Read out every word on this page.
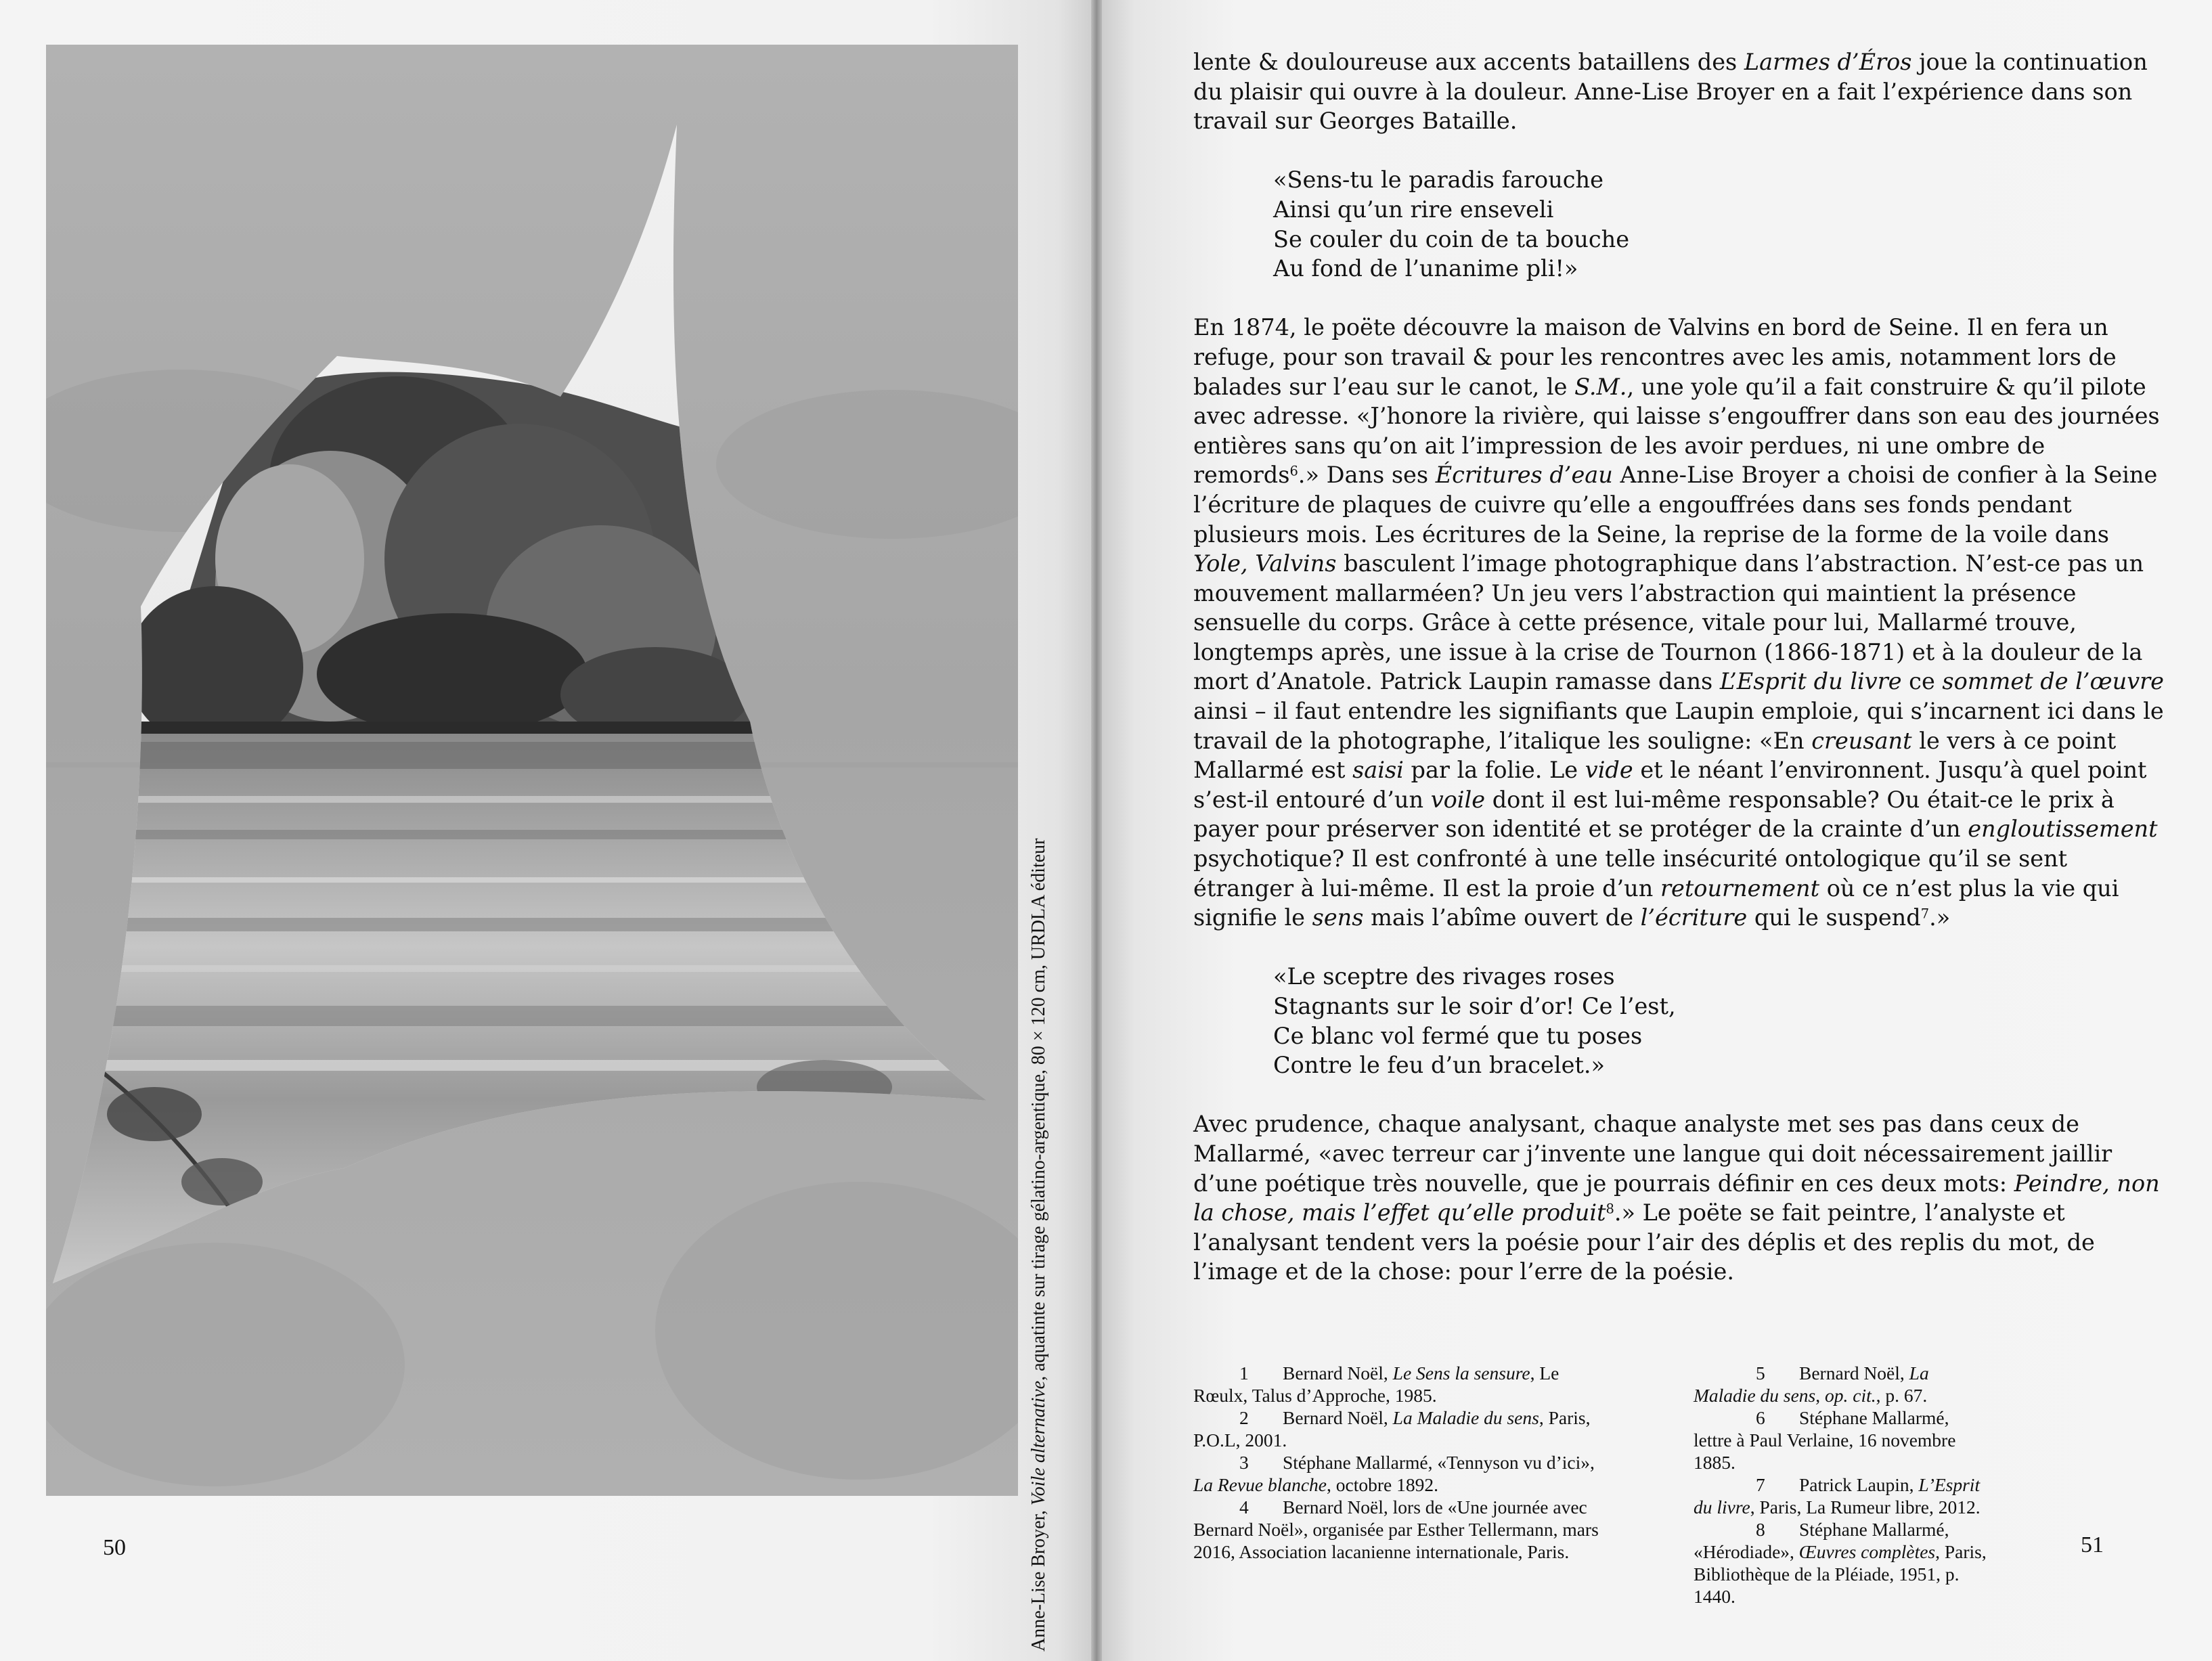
Anne-Lise Broyer, Voile alternative, aquatinte sur tirage gélatino-argentique, 80 × 120 cm, URDLA éditeur
50	51

lente & douloureuse aux accents bataillens des Larmes d’Éros joue la continuation du plaisir qui ouvre à la douleur. Anne-Lise Broyer en a fait l’expérience dans son travail sur Georges Bataille.

«Sens-tu le paradis farouche
Ainsi qu’un rire enseveli
Se couler du coin de ta bouche
Au fond de l’unanime pli!»

En 1874, le poëte découvre la maison de Valvins en bord de Seine. Il en fera un refuge, pour son travail & pour les rencontres avec les amis, notamment lors de balades sur l’eau sur le canot, le S.M., une yole qu’il a fait construire & qu’il pilote avec adresse. «J’honore la rivière, qui laisse s’engouffrer dans son eau des journées entières sans qu’on ait l’impression de les avoir perdues, ni une ombre de remords$^6$.» Dans ses Écritures d’eau Anne-Lise Broyer a choisi de confier à la Seine l’écriture de plaques de cuivre qu’elle a engouffrées dans ses fonds pendant plusieurs mois. Les écritures de la Seine, la reprise de la forme de la voile dans Yole, Valvins basculent l’image photographique dans l’abstraction. N’est-ce pas un mouvement mallarméen? Un jeu vers l’abstraction qui maintient la présence sensuelle du corps. Grâce à cette présence, vitale pour lui, Mallarmé trouve, longtemps après, une issue à la crise de Tournon (1866-1871) et à la douleur de la mort d’Anatole. Patrick Laupin ramasse dans L’Esprit du livre ce sommet de l’œuvre ainsi – il faut entendre les signifiants que Laupin emploie, qui s’incarnent ici dans le travail de la photographe, l’italique les souligne: «En creusant le vers à ce point Mallarmé est saisi par la folie. Le vide et le néant l’environnent. Jusqu’à quel point s’est-il entouré d’un voile dont il est lui-même responsable? Ou était-ce le prix à payer pour préserver son identité et se protéger de la crainte d’un engloutissement psychotique? Il est confronté à une telle insécurité ontologique qu’il se sent étranger à lui-même. Il est la proie d’un retournement où ce n’est plus la vie qui signifie le sens mais l’abîme ouvert de l’écriture qui le suspend$^7$.»

«Le sceptre des rivages roses
Stagnants sur le soir d’or! Ce l’est,
Ce blanc vol fermé que tu poses
Contre le feu d’un bracelet.»

Avec prudence, chaque analysant, chaque analyste met ses pas dans ceux de Mallarmé, «avec terreur car j’invente une langue qui doit nécessairement jaillir d’une poétique très nouvelle, que je pourrais définir en ces deux mots: Peindre, non la chose, mais l’effet qu’elle produit$^8$.» Le poëte se fait peintre, l’analyste et l’analysant tendent vers la poésie pour l’air des déplis et des replis du mot, de l’image et de la chose: pour l’erre de la poésie.

1 Bernard Noël, Le Sens la sensure, Le Rœulx, Talus d’Approche, 1985.

2 Bernard Noël, La Maladie du sens, Paris, P.O.L, 2001.

3 Stéphane Mallarmé, «Tennyson vu d’ici», La Revue blanche, octobre 1892.

4 Bernard Noël, lors de «Une journée avec Bernard Noël», organisée par Esther Tellermann, mars 2016, Association lacanienne internationale, Paris.

5 Bernard Noël, La Maladie du sens, op. cit., p. 67.

6 Stéphane Mallarmé, lettre à Paul Verlaine, 16 novembre 1885.

7 Patrick Laupin, L’Esprit du livre, Paris, La Rumeur libre, 2012.

8 Stéphane Mallarmé, «Hérodiade», Œuvres complètes, Paris, Bibliothèque de la Pléiade, 1951, p. 1440.
